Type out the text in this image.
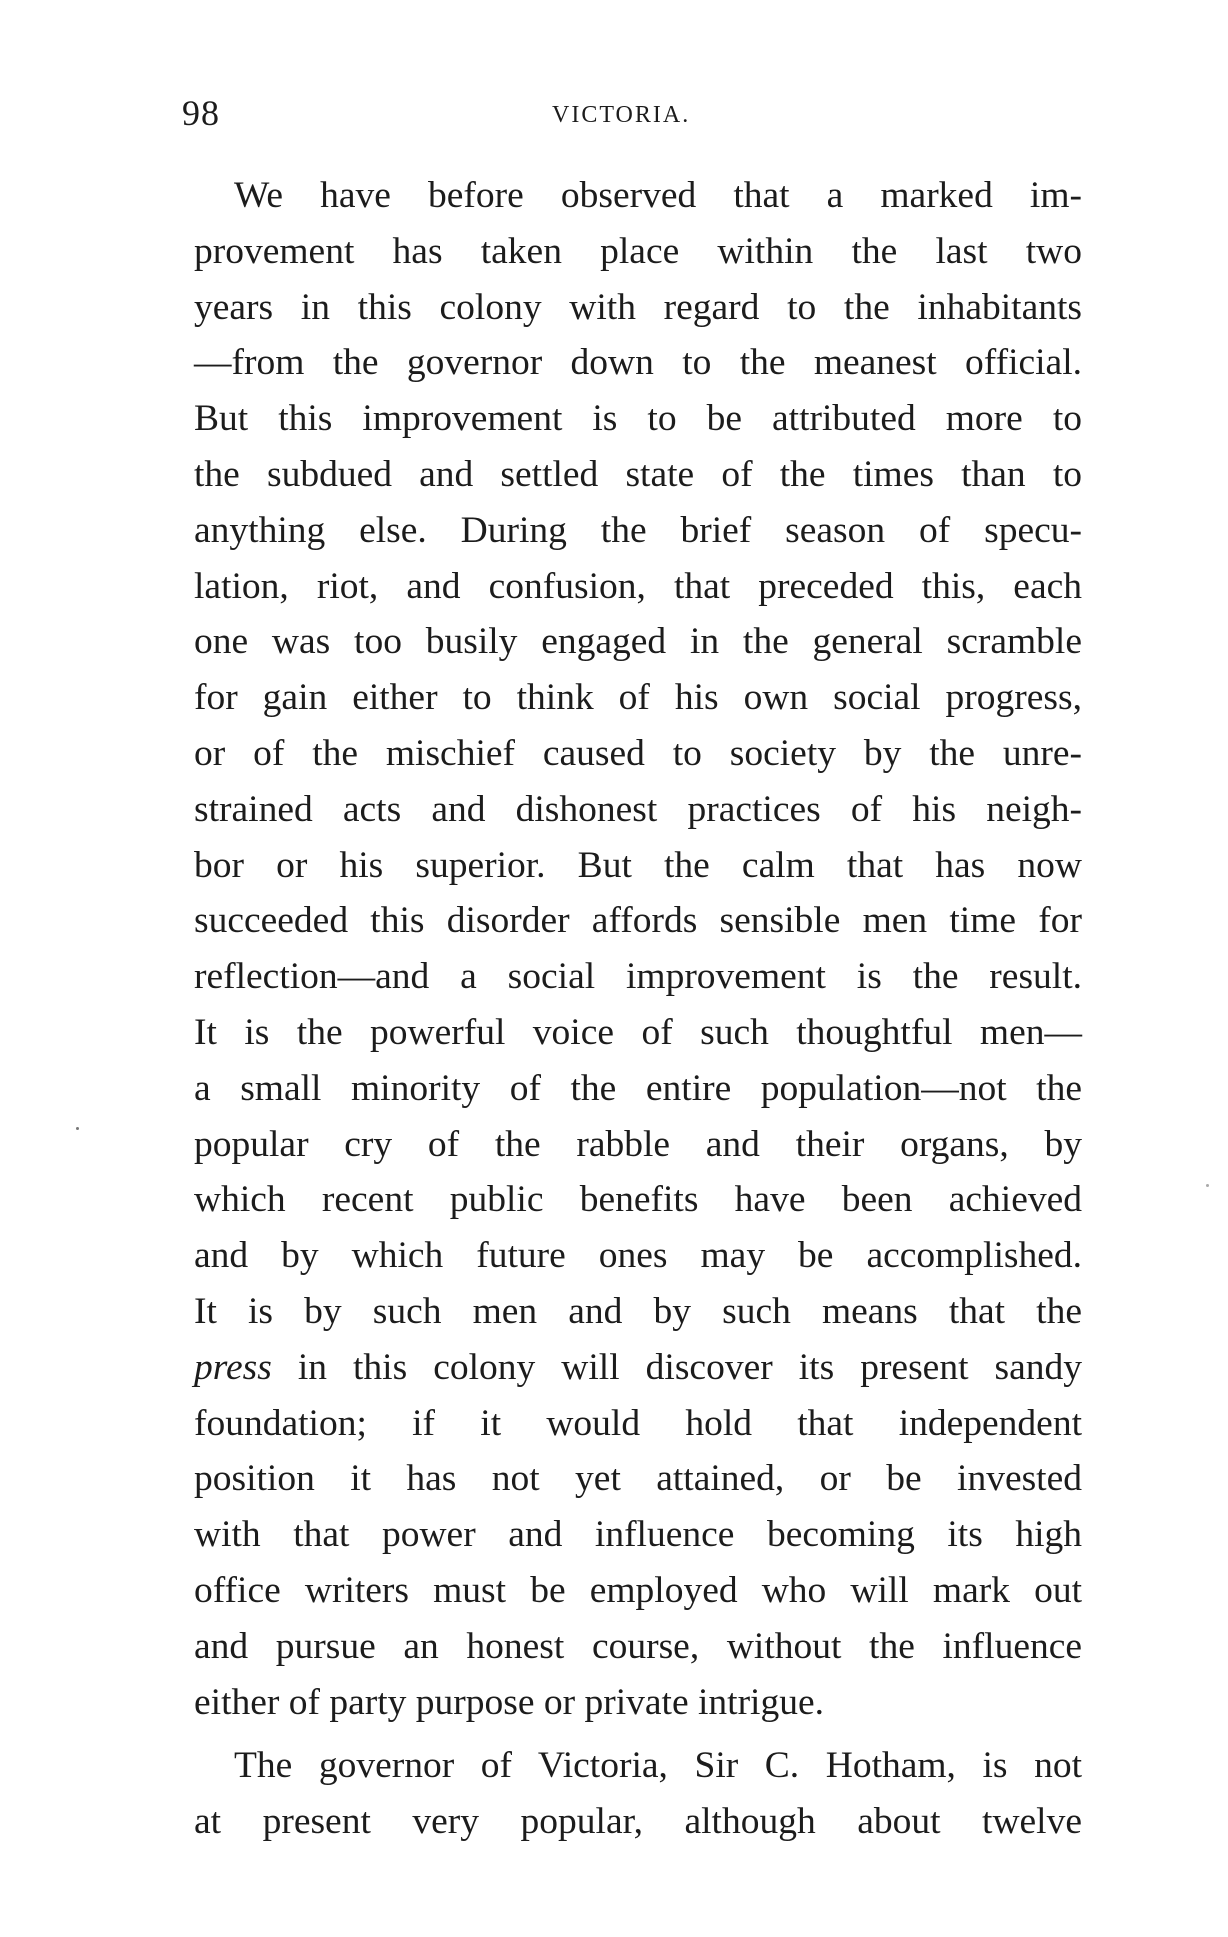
98	VICTORIA.
We have before observed that a marked im-
provement has taken place within the last two
years in this colony with regard to the inhabitants
—from the governor down to the meanest official.
But this improvement is to be attributed more to
the subdued and settled state of the times than to
anything else. During the brief season of specu-
lation, riot, and confusion, that preceded this, each
one was too busily engaged in the general scramble
for gain either to think of his own social progress,
or of the mischief caused to society by the unre-
strained acts and dishonest practices of his neigh-
bor or his superior. But the calm that has now
succeeded this disorder affords sensible men time for
reflection—and a social improvement is the result.
It is the powerful voice of such thoughtful men—
a small minority of the entire population—not the
popular cry of the rabble and their organs, by
which recent public benefits have been achieved
and by which future ones may be accomplished.
It is by such men and by such means that the
press in this colony will discover its present sandy
foundation; if it would hold that independent
position it has not yet attained, or be invested
with that power and influence becoming its high
office writers must be employed who will mark out
and pursue an honest course, without the influence
either of party purpose or private intrigue.
The governor of Victoria, Sir C. Hotham, is not
at present very popular, although about twelve
